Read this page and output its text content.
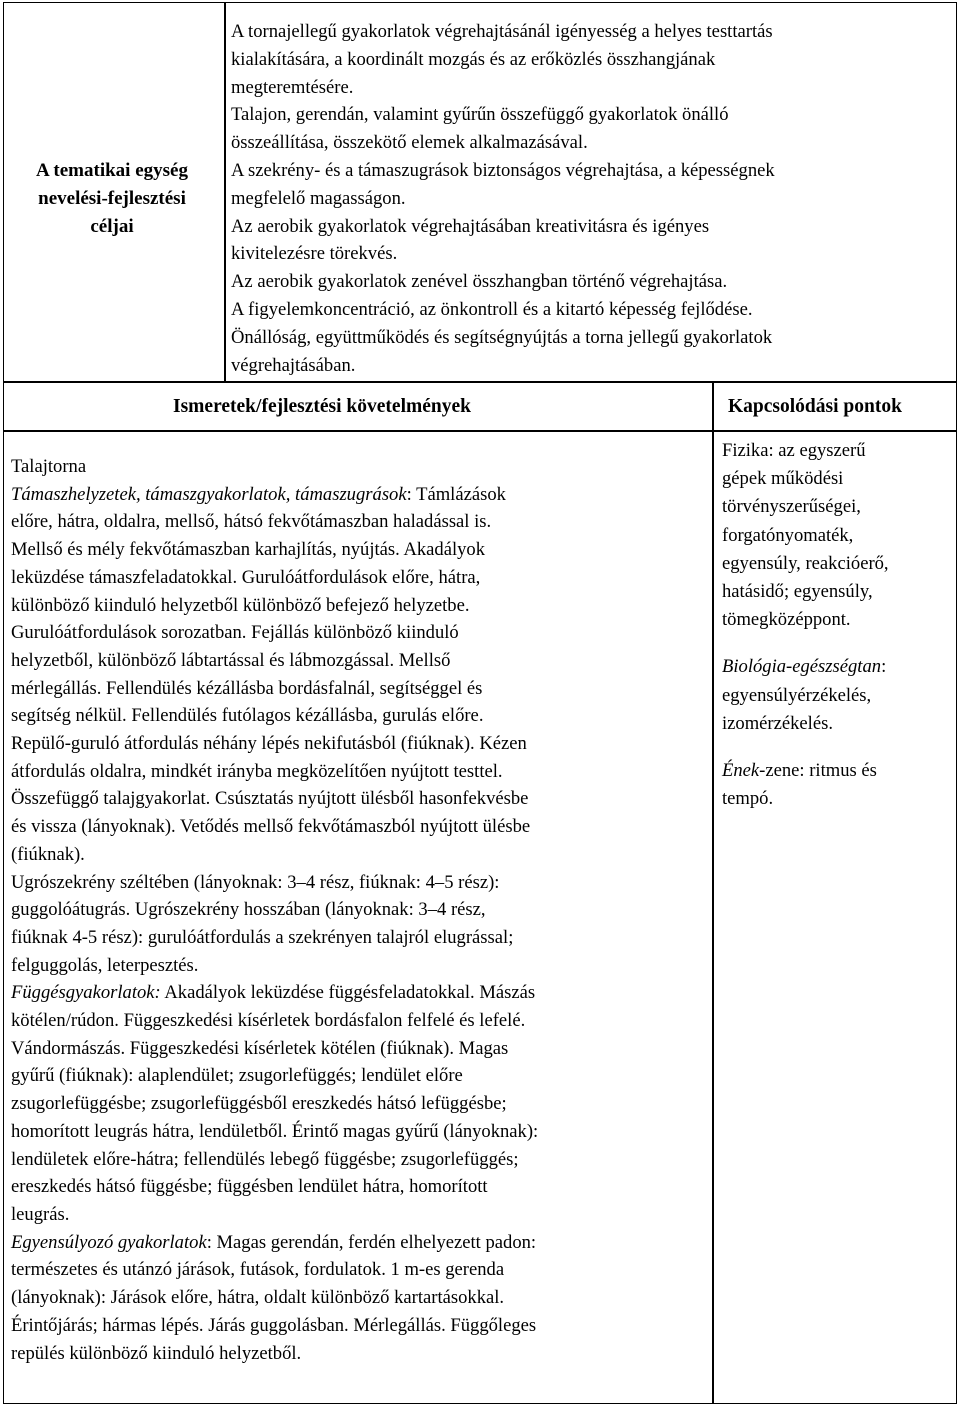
A tematikai egység
nevelési-fejlesztési
céljai
A tornajellegű gyakorlatok végrehajtásánál igényesség a helyes testtartás
kialakítására, a koordinált mozgás és az erőközlés összhangjának
megteremtésére.
Talajon, gerendán, valamint gyűrűn összefüggő gyakorlatok önálló
összeállítása, összekötő elemek alkalmazásával.
A szekrény- és a támaszugrások biztonságos végrehajtása, a képességnek
megfelelő magasságon.
Az aerobik gyakorlatok végrehajtásában kreativitásra és igényes
kivitelezésre törekvés.
Az aerobik gyakorlatok zenével összhangban történő végrehajtása.
A figyelemkoncentráció, az önkontroll és a kitartó képesség fejlődése.
Önállóság, együttműködés és segítségnyújtás a torna jellegű gyakorlatok
végrehajtásában.
Ismeretek/fejlesztési követelmények	Kapcsolódási pontok
Talajtorna
Támaszhelyzetek, támaszgyakorlatok, támaszugrások: Támlázások
előre, hátra, oldalra, mellső, hátsó fekvőtámaszban haladással is.
Mellső és mély fekvőtámaszban karhajlítás, nyújtás. Akadályok
leküzdése támaszfeladatokkal. Gurulóátfordulások előre, hátra,
különböző kiinduló helyzetből különböző befejező helyzetbe.
Gurulóátfordulások sorozatban. Fejállás különböző kiinduló
helyzetből, különböző lábtartással és lábmozgással. Mellső
mérlegállás. Fellendülés kézállásba bordásfalnál, segítséggel és
segítség nélkül. Fellendülés futólagos kézállásba, gurulás előre.
Repülő-guruló átfordulás néhány lépés nekifutásból (fiúknak). Kézen
átfordulás oldalra, mindkét irányba megközelítően nyújtott testtel.
Összefüggő talajgyakorlat. Csúsztatás nyújtott ülésből hasonfekvésbe
és vissza (lányoknak). Vetődés mellső fekvőtámaszból nyújtott ülésbe
(fiúknak).
Ugrószekrény széltében (lányoknak: 3–4 rész, fiúknak: 4–5 rész):
guggolóátugrás. Ugrószekrény hosszában (lányoknak: 3–4 rész,
fiúknak 4-5 rész): gurulóátfordulás a szekrényen talajról elugrással;
felguggolás, leterpesztés.
Függésgyakorlatok: Akadályok leküzdése függésfeladatokkal. Mászás
kötélen/rúdon. Függeszkedési kísérletek bordásfalon felfelé és lefelé.
Vándormászás. Függeszkedési kísérletek kötélen (fiúknak). Magas
gyűrű (fiúknak): alaplendület; zsugorlefüggés; lendület előre
zsugorlefüggésbe; zsugorlefüggésből ereszkedés hátsó lefüggésbe;
homorított leugrás hátra, lendületből. Érintő magas gyűrű (lányoknak):
lendületek előre-hátra; fellendülés lebegő függésbe; zsugorlefüggés;
ereszkedés hátsó függésbe; függésben lendület hátra, homorított
leugrás.
Egyensúlyozó gyakorlatok: Magas gerendán, ferdén elhelyezett padon:
természetes és utánzó járások, futások, fordulatok. 1 m-es gerenda
(lányoknak): Járások előre, hátra, oldalt különböző kartartásokkal.
Érintőjárás; hármas lépés. Járás guggolásban. Mérlegállás. Függőleges
repülés különböző kiinduló helyzetből.
Fizika: az egyszerű
gépek működési
törvényszerűségei,
forgatónyomaték,
egyensúly, reakcióerő,
hatásidő; egyensúly,
tömegközéppont.
Biológia-egészségtan:
egyensúlyérzékelés,
izomérzékelés.
Ének-zene: ritmus és
tempó.
